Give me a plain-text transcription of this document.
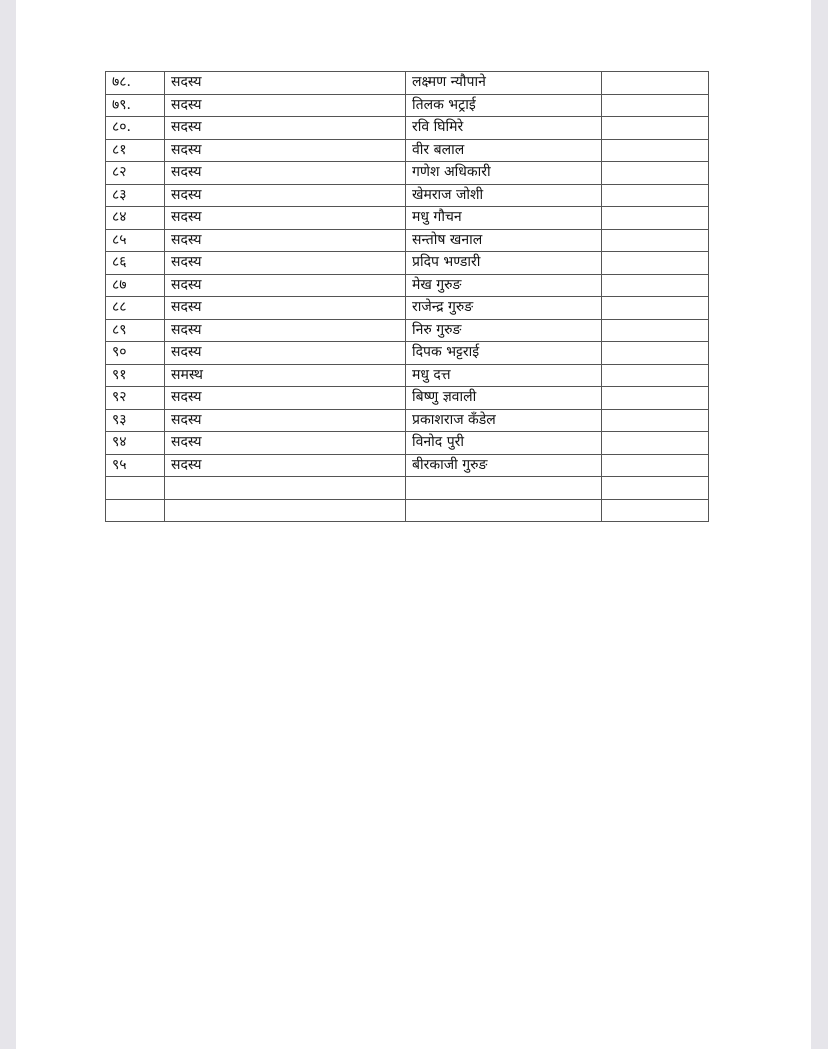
७८.	सदस्य	लक्ष्मण न्यौपाने	
७९.	सदस्य	तिलक भट्राई	
८०.	सदस्य	रवि घिमिरे	
८१	सदस्य	वीर बलाल	
८२	सदस्य	गणेश अधिकारी	
८३	सदस्य	खेमराज जोशी	
८४	सदस्य	मधु गौचन	
८५	सदस्य	सन्तोष खनाल	
८६	सदस्य	प्रदिप भण्डारी	
८७	सदस्य	मेख गुरुङ	
८८	सदस्य	राजेन्द्र गुरुङ	
८९	सदस्य	निरु गुरुङ	
९०	सदस्य	दिपक भट्टराई	
९१	समस्थ	मधु दत्त	
९२	सदस्य	बिष्णु ज्ञवाली	
९३	सदस्य	प्रकाशराज कँडेल	
९४	सदस्य	विनोद पुरी	
९५	सदस्य	बीरकाजी गुरुङ	
